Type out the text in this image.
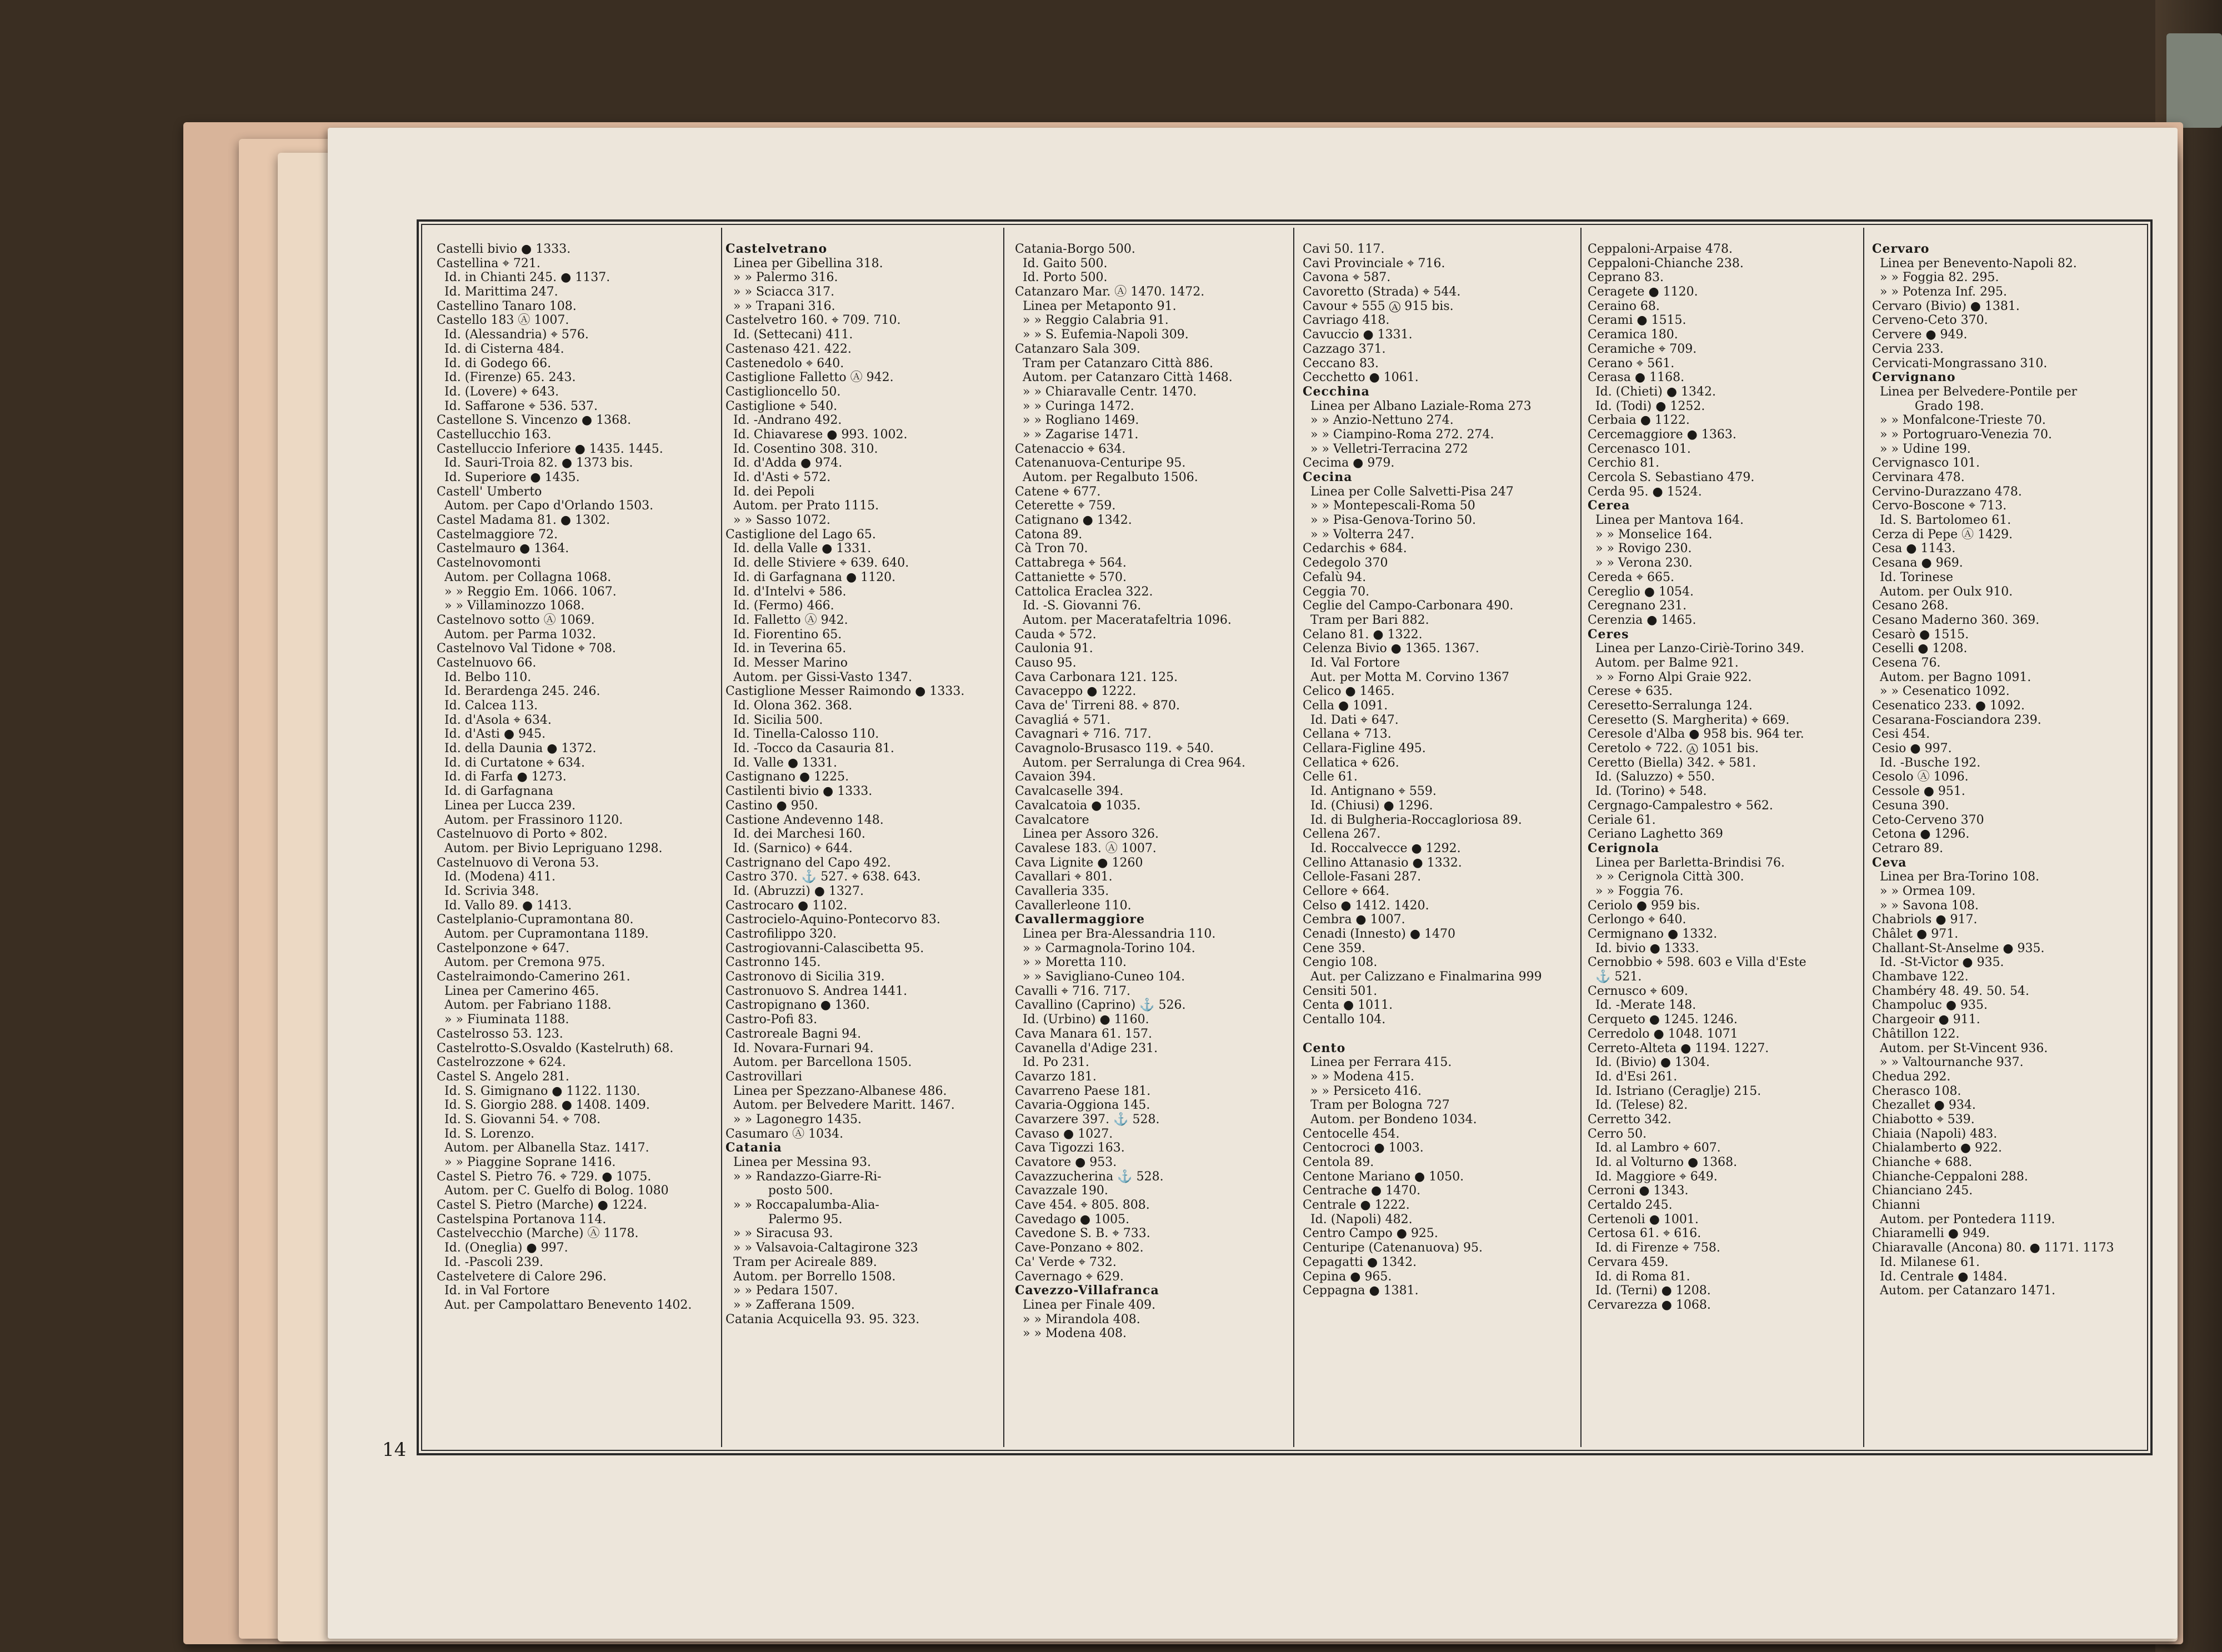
Castelli bivio ● 1333.
Castellina ⌖ 721.
Id. in Chianti 245. ● 1137.
Id. Marittima 247.
Castellino Tanaro 108.
Castello 183 Ⓐ 1007.
Id. (Alessandria) ⌖ 576.
Id. di Cisterna 484.
Id. di Godego 66.
Id. (Firenze) 65. 243.
Id. (Lovere) ⌖ 643.
Id. Saffarone ⌖ 536. 537.
Castellone S. Vincenzo ● 1368.
Castellucchio 163.
Castelluccio Inferiore ● 1435. 1445.
Id. Sauri-Troia 82. ● 1373 bis.
Id. Superiore ● 1435.
Castell' Umberto
Autom. per Capo d'Orlando 1503.
Castel Madama 81. ● 1302.
Castelmaggiore 72.
Castelmauro ● 1364.
Castelnovomonti
Autom. per Collagna 1068.
» » Reggio Em. 1066. 1067.
» » Villaminozzo 1068.
Castelnovo sotto Ⓐ 1069.
Autom. per Parma 1032.
Castelnovo Val Tidone ⌖ 708.
Castelnuovo 66.
Id. Belbo 110.
Id. Berardenga 245. 246.
Id. Calcea 113.
Id. d'Asola ⌖ 634.
Id. d'Asti ● 945.
Id. della Daunia ● 1372.
Id. di Curtatone ⌖ 634.
Id. di Farfa ● 1273.
Id. di Garfagnana
Linea per Lucca 239.
Autom. per Frassinoro 1120.
Castelnuovo di Porto ⌖ 802.
Autom. per Bivio Lepriguano 1298.
Castelnuovo di Verona 53.
Id. (Modena) 411.
Id. Scrivia 348.
Id. Vallo 89. ● 1413.
Castelplanio-Cupramontana 80.
Autom. per Cupramontana 1189.
Castelponzone ⌖ 647.
Autom. per Cremona 975.
Castelraimondo-Camerino 261.
Linea per Camerino 465.
Autom. per Fabriano 1188.
» » Fiuminata 1188.
Castelrosso 53. 123.
Castelrotto-S.Osvaldo (Kastelruth) 68.
Castelrozzone ⌖ 624.
Castel S. Angelo 281.
Id. S. Gimignano ● 1122. 1130.
Id. S. Giorgio 288. ● 1408. 1409.
Id. S. Giovanni 54. ⌖ 708.
Id. S. Lorenzo.
Autom. per Albanella Staz. 1417.
» » Piaggine Soprane 1416.
Castel S. Pietro 76. ⌖ 729. ● 1075.
Autom. per C. Guelfo di Bolog. 1080
Castel S. Pietro (Marche) ● 1224.
Castelspina Portanova 114.
Castelvecchio (Marche) Ⓐ 1178.
Id. (Oneglia) ● 997.
Id. -Pascoli 239.
Castelvetere di Calore 296.
Id. in Val Fortore
Aut. per Campolattaro Benevento 1402.
Castelvetrano
Linea per Gibellina 318.
» » Palermo 316.
» » Sciacca 317.
» » Trapani 316.
Castelvetro 160. ⌖ 709. 710.
Id. (Settecani) 411.
Castenaso 421. 422.
Castenedolo ⌖ 640.
Castiglione Falletto Ⓐ 942.
Castiglioncello 50.
Castiglione ⌖ 540.
Id. -Andrano 492.
Id. Chiavarese ● 993. 1002.
Id. Cosentino 308. 310.
Id. d'Adda ● 974.
Id. d'Asti ⌖ 572.
Id. dei Pepoli
Autom. per Prato 1115.
» » Sasso 1072.
Castiglione del Lago 65.
Id. della Valle ● 1331.
Id. delle Stiviere ⌖ 639. 640.
Id. di Garfagnana ● 1120.
Id. d'Intelvi ⌖ 586.
Id. (Fermo) 466.
Id. Falletto Ⓐ 942.
Id. Fiorentino 65.
Id. in Teverina 65.
Id. Messer Marino
Autom. per Gissi-Vasto 1347.
Castiglione Messer Raimondo ● 1333.
Id. Olona 362. 368.
Id. Sicilia 500.
Id. Tinella-Calosso 110.
Id. -Tocco da Casauria 81.
Id. Valle ● 1331.
Castignano ● 1225.
Castilenti bivio ● 1333.
Castino ● 950.
Castione Andevenno 148.
Id. dei Marchesi 160.
Id. (Sarnico) ⌖ 644.
Castrignano del Capo 492.
Castro 370. ⚓ 527. ⌖ 638. 643.
Id. (Abruzzi) ● 1327.
Castrocaro ● 1102.
Castrocielo-Aquino-Pontecorvo 83.
Castrofilippo 320.
Castrogiovanni-Calascibetta 95.
Castronno 145.
Castronovo di Sicilia 319.
Castronuovo S. Andrea 1441.
Castropignano ● 1360.
Castro-Pofi 83.
Castroreale Bagni 94.
Id. Novara-Furnari 94.
Autom. per Barcellona 1505.
Castrovillari
Linea per Spezzano-Albanese 486.
Autom. per Belvedere Maritt. 1467.
» » Lagonegro 1435.
Casumaro Ⓐ 1034.
Catania
Linea per Messina 93.
» » Randazzo-Giarre-Ri-
posto 500.
» » Roccapalumba-Alia-
Palermo 95.
» » Siracusa 93.
» » Valsavoia-Caltagirone 323
Tram per Acireale 889.
Autom. per Borrello 1508.
» » Pedara 1507.
» » Zafferana 1509.
Catania Acquicella 93. 95. 323.
Catania-Borgo 500.
Id. Gaito 500.
Id. Porto 500.
Catanzaro Mar. Ⓐ 1470. 1472.
Linea per Metaponto 91.
» » Reggio Calabria 91.
» » S. Eufemia-Napoli 309.
Catanzaro Sala 309.
Tram per Catanzaro Città 886.
Autom. per Catanzaro Città 1468.
» » Chiaravalle Centr. 1470.
» » Curinga 1472.
» » Rogliano 1469.
» » Zagarise 1471.
Catenaccio ⌖ 634.
Catenanuova-Centuripe 95.
Autom. per Regalbuto 1506.
Catene ⌖ 677.
Ceterette ⌖ 759.
Catignano ● 1342.
Catona 89.
Cà Tron 70.
Cattabrega ⌖ 564.
Cattaniette ⌖ 570.
Cattolica Eraclea 322.
Id. -S. Giovanni 76.
Autom. per Maceratafeltria 1096.
Cauda ⌖ 572.
Caulonia 91.
Causo 95.
Cava Carbonara 121. 125.
Cavaceppo ● 1222.
Cava de' Tirreni 88. ⌖ 870.
Cavagliá ⌖ 571.
Cavagnari ⌖ 716. 717.
Cavagnolo-Brusasco 119. ⌖ 540.
Autom. per Serralunga di Crea 964.
Cavaion 394.
Cavalcaselle 394.
Cavalcatoia ● 1035.
Cavalcatore
Linea per Assoro 326.
Cavalese 183. Ⓐ 1007.
Cava Lignite ● 1260
Cavallari ⌖ 801.
Cavalleria 335.
Cavallerleone 110.
Cavallermaggiore
Linea per Bra-Alessandria 110.
» » Carmagnola-Torino 104.
» » Moretta 110.
» » Savigliano-Cuneo 104.
Cavalli ⌖ 716. 717.
Cavallino (Caprino) ⚓ 526.
Id. (Urbino) ● 1160.
Cava Manara 61. 157.
Cavanella d'Adige 231.
Id. Po 231.
Cavarzo 181.
Cavarreno Paese 181.
Cavaria-Oggiona 145.
Cavarzere 397. ⚓ 528.
Cavaso ● 1027.
Cava Tigozzi 163.
Cavatore ● 953.
Cavazzucherina ⚓ 528.
Cavazzale 190.
Cave 454. ⌖ 805. 808.
Cavedago ● 1005.
Cavedone S. B. ⌖ 733.
Cave-Ponzano ⌖ 802.
Ca' Verde ⌖ 732.
Cavernago ⌖ 629.
Cavezzo-Villafranca
Linea per Finale 409.
» » Mirandola 408.
» » Modena 408.
Cavi 50. 117.
Cavi Provinciale ⌖ 716.
Cavona ⌖ 587.
Cavoretto (Strada) ⌖ 544.
Cavour ⌖ 555 Ⓐ 915 bis.
Cavriago 418.
Cavuccio ● 1331.
Cazzago 371.
Ceccano 83.
Cecchetto ● 1061.
Cecchina
Linea per Albano Laziale-Roma 273
» » Anzio-Nettuno 274.
» » Ciampino-Roma 272. 274.
» » Velletri-Terracina 272
Cecima ● 979.
Cecina
Linea per Colle Salvetti-Pisa 247
» » Montepescali-Roma 50
» » Pisa-Genova-Torino 50.
» » Volterra 247.
Cedarchis ⌖ 684.
Cedegolo 370
Cefalù 94.
Ceggia 70.
Ceglie del Campo-Carbonara 490.
Tram per Bari 882.
Celano 81. ● 1322.
Celenza Bivio ● 1365. 1367.
Id. Val Fortore
Aut. per Motta M. Corvino 1367
Celico ● 1465.
Cella ● 1091.
Id. Dati ⌖ 647.
Cellana ⌖ 713.
Cellara-Figline 495.
Cellatica ⌖ 626.
Celle 61.
Id. Antignano ⌖ 559.
Id. (Chiusi) ● 1296.
Id. di Bulgheria-Roccagloriosa 89.
Cellena 267.
Id. Roccalvecce ● 1292.
Cellino Attanasio ● 1332.
Cellole-Fasani 287.
Cellore ⌖ 664.
Celso ● 1412. 1420.
Cembra ● 1007.
Cenadi (Innesto) ● 1470
Cene 359.
Cengio 108.
Aut. per Calizzano e Finalmarina 999
Censiti 501.
Centa ● 1011.
Centallo 104.
Cento
Linea per Ferrara 415.
» » Modena 415.
» » Persiceto 416.
Tram per Bologna 727
Autom. per Bondeno 1034.
Centocelle 454.
Centocroci ● 1003.
Centola 89.
Centone Mariano ● 1050.
Centrache ● 1470.
Centrale ● 1222.
Id. (Napoli) 482.
Centro Campo ● 925.
Centuripe (Catenanuova) 95.
Cepagatti ● 1342.
Cepina ● 965.
Ceppagna ● 1381.
Ceppaloni-Arpaise 478.
Ceppaloni-Chianche 238.
Ceprano 83.
Ceragete ● 1120.
Ceraino 68.
Cerami ● 1515.
Ceramica 180.
Ceramiche ⌖ 709.
Cerano ⌖ 561.
Cerasa ● 1168.
Id. (Chieti) ● 1342.
Id. (Todi) ● 1252.
Cerbaia ● 1122.
Cercemaggiore ● 1363.
Cercenasco 101.
Cerchio 81.
Cercola S. Sebastiano 479.
Cerda 95. ● 1524.
Cerea
Linea per Mantova 164.
» » Monselice 164.
» » Rovigo 230.
» » Verona 230.
Cereda ⌖ 665.
Cereglio ● 1054.
Ceregnano 231.
Cerenzia ● 1465.
Ceres
Linea per Lanzo-Ciriè-Torino 349.
Autom. per Balme 921.
» » Forno Alpi Graie 922.
Cerese ⌖ 635.
Ceresetto-Serralunga 124.
Ceresetto (S. Margherita) ⌖ 669.
Ceresole d'Alba ● 958 bis. 964 ter.
Ceretolo ⌖ 722. Ⓐ 1051 bis.
Ceretto (Biella) 342. ⌖ 581.
Id. (Saluzzo) ⌖ 550.
Id. (Torino) ⌖ 548.
Cergnago-Campalestro ⌖ 562.
Ceriale 61.
Ceriano Laghetto 369
Cerignola
Linea per Barletta-Brindisi 76.
» » Cerignola Città 300.
» » Foggia 76.
Ceriolo ● 959 bis.
Cerlongo ⌖ 640.
Cermignano ● 1332.
Id. bivio ● 1333.
Cernobbio ⌖ 598. 603 e Villa d'Este
⚓ 521.
Cernusco ⌖ 609.
Id. -Merate 148.
Cerqueto ● 1245. 1246.
Cerredolo ● 1048. 1071
Cerreto-Alteta ● 1194. 1227.
Id. (Bivio) ● 1304.
Id. d'Esi 261.
Id. Istriano (Ceraglje) 215.
Id. (Telese) 82.
Cerretto 342.
Cerro 50.
Id. al Lambro ⌖ 607.
Id. al Volturno ● 1368.
Id. Maggiore ⌖ 649.
Cerroni ● 1343.
Certaldo 245.
Certenoli ● 1001.
Certosa 61. ⌖ 616.
Id. di Firenze ⌖ 758.
Cervara 459.
Id. di Roma 81.
Id. (Terni) ● 1208.
Cervarezza ● 1068.
Cervaro
Linea per Benevento-Napoli 82.
» » Foggia 82. 295.
» » Potenza Inf. 295.
Cervaro (Bivio) ● 1381.
Cerveno-Ceto 370.
Cervere ● 949.
Cervia 233.
Cervicati-Mongrassano 310.
Cervignano
Linea per Belvedere-Pontile per
Grado 198.
» » Monfalcone-Trieste 70.
» » Portogruaro-Venezia 70.
» » Udine 199.
Cervignasco 101.
Cervinara 478.
Cervino-Durazzano 478.
Cervo-Boscone ⌖ 713.
Id. S. Bartolomeo 61.
Cerza di Pepe Ⓐ 1429.
Cesa ● 1143.
Cesana ● 969.
Id. Torinese
Autom. per Oulx 910.
Cesano 268.
Cesano Maderno 360. 369.
Cesarò ● 1515.
Ceselli ● 1208.
Cesena 76.
Autom. per Bagno 1091.
» » Cesenatico 1092.
Cesenatico 233. ● 1092.
Cesarana-Fosciandora 239.
Cesi 454.
Cesio ● 997.
Id. -Busche 192.
Cesolo Ⓐ 1096.
Cessole ● 951.
Cesuna 390.
Ceto-Cerveno 370
Cetona ● 1296.
Cetraro 89.
Ceva
Linea per Bra-Torino 108.
» » Ormea 109.
» » Savona 108.
Chabriols ● 917.
Châlet ● 971.
Challant-St-Anselme ● 935.
Id. -St-Victor ● 935.
Chambave 122.
Chambéry 48. 49. 50. 54.
Champoluc ● 935.
Chargeoir ● 911.
Châtillon 122.
Autom. per St-Vincent 936.
» » Valtournanche 937.
Chedua 292.
Cherasco 108.
Chezallet ● 934.
Chiabotto ⌖ 539.
Chiaia (Napoli) 483.
Chialamberto ● 922.
Chianche ⌖ 688.
Chianche-Ceppaloni 288.
Chianciano 245.
Chianni
Autom. per Pontedera 1119.
Chiaramelli ● 949.
Chiaravalle (Ancona) 80. ● 1171. 1173
Id. Milanese 61.
Id. Centrale ● 1484.
Autom. per Catanzaro 1471.
14
